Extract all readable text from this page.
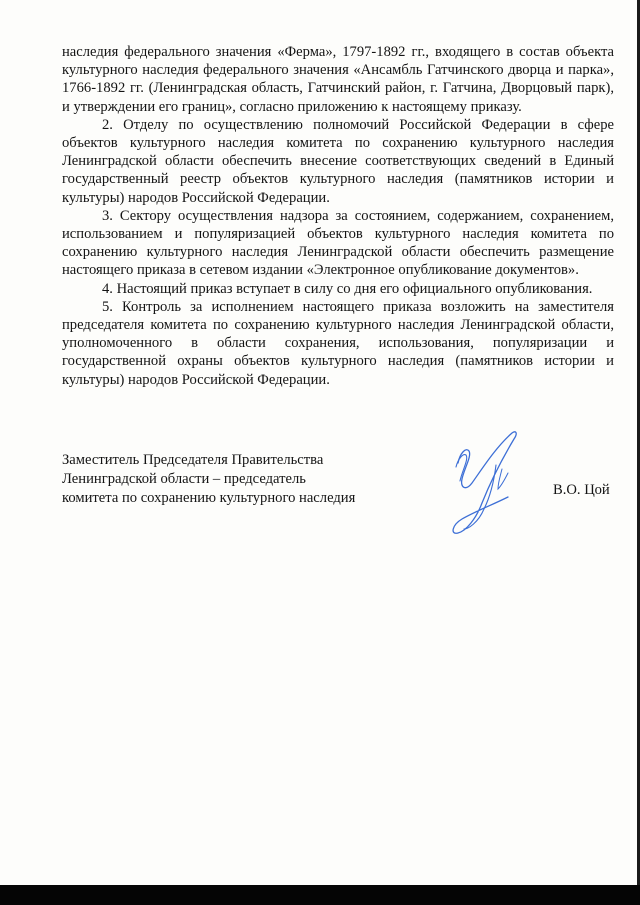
наследия федерального значения «Ферма», 1797-1892 гг., входящего в состав объекта культурного наследия федерального значения «Ансамбль Гатчинского дворца и парка», 1766-1892 гг. (Ленинградская область, Гатчинский район, г. Гатчина, Дворцовый парк), и утверждении его границ», согласно приложению к настоящему приказу.

2. Отделу по осуществлению полномочий Российской Федерации в сфере объектов культурного наследия комитета по сохранению культурного наследия Ленинградской области обеспечить внесение соответствующих сведений в Единый государственный реестр объектов культурного наследия (памятников истории и культуры) народов Российской Федерации.

3. Сектору осуществления надзора за состоянием, содержанием, сохранением, использованием и популяризацией объектов культурного наследия комитета по сохранению культурного наследия Ленинградской области обеспечить размещение настоящего приказа в сетевом издании «Электронное опубликование документов».

4. Настоящий приказ вступает в силу со дня его официального опубликования.

5. Контроль за исполнением настоящего приказа возложить на заместителя председателя комитета по сохранению культурного наследия Ленинградской области, уполномоченного в области сохранения, использования, популяризации и государственной охраны объектов культурного наследия (памятников истории и культуры) народов Российской Федерации.

Заместитель Председателя Правительства
Ленинградской области – председатель
комитета по сохранению культурного наследия	В.О. Цой
